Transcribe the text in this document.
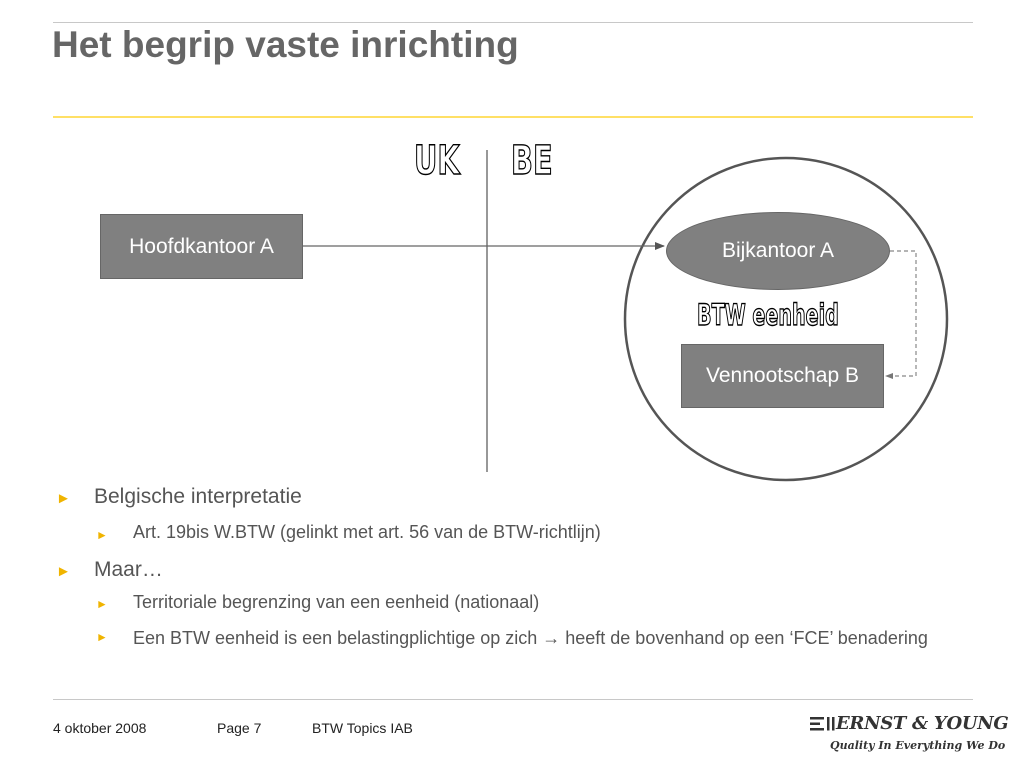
Het begrip vaste inrichting
UK BE
Hoofdkantoor A	Bijkantoor A
BTW eenheid
Vennootschap B
► Belgische interpretatie
► Art. 19bis W.BTW (gelinkt met art. 56 van de BTW-richtlijn)
► Maar…
► Territoriale begrenzing van een eenheid (nationaal)
► Een BTW eenheid is een belastingplichtige op zich → heeft de bovenhand op een ‘FCE’ benadering
4 oktober 2008	Page 7	BTW Topics IAB	ERNST & YOUNG
Quality In Everything We Do
